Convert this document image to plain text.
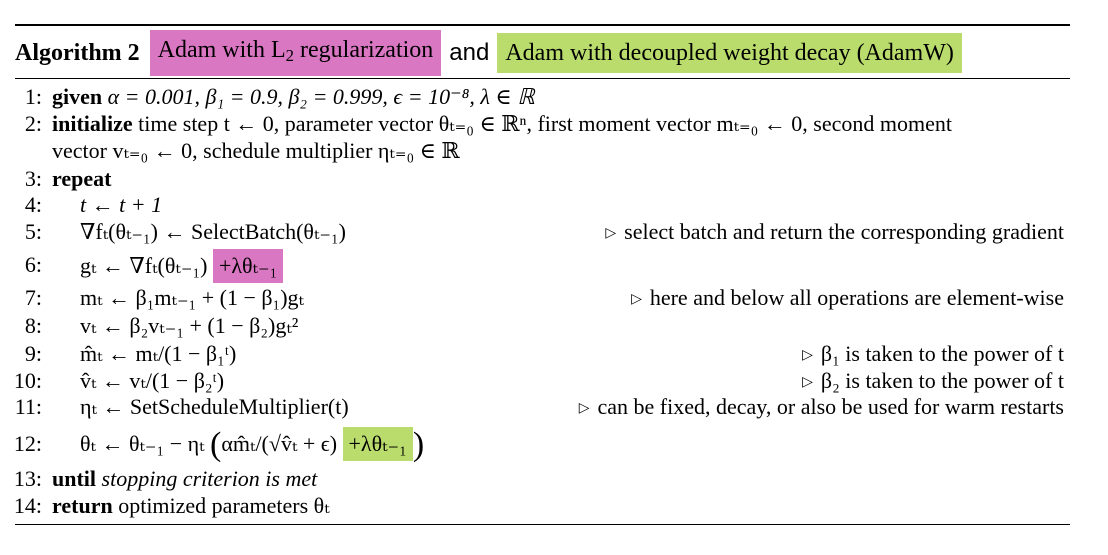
Algorithm 2 Adam with $L_2$ regularization and Adam with decoupled weight decay (AdamW)
1: given α = 0.001, β₁ = 0.9, β₂ = 0.999, ϵ = 10⁻⁸, λ ∈ ℝ
2: initialize time step t ← 0, parameter vector θₜ₌₀ ∈ ℝⁿ, first moment vector mₜ₌₀ ← 0, second moment
vector vₜ₌₀ ← 0, schedule multiplier ηₜ₌₀ ∈ ℝ
3: repeat
4: t ← t + 1
5: ∇fₜ(θₜ₋₁) ← SelectBatch(θₜ₋₁)	▷ select batch and return the corresponding gradient
6: gₜ ← ∇fₜ(θₜ₋₁) +λθₜ₋₁
7: mₜ ← β₁mₜ₋₁ + (1 − β₁)gₜ	▷ here and below all operations are element-wise
8: vₜ ← β₂vₜ₋₁ + (1 − β₂)gₜ²
9: m̂ₜ ← mₜ/(1 − β₁ᵗ)	▷ β₁ is taken to the power of t
10: v̂ₜ ← vₜ/(1 − β₂ᵗ)	▷ β₂ is taken to the power of t
11: ηₜ ← SetScheduleMultiplier(t)	▷ can be fixed, decay, or also be used for warm restarts
12: θₜ ← θₜ₋₁ − ηₜ (αm̂ₜ/(√v̂ₜ + ϵ) +λθₜ₋₁ )
13: until stopping criterion is met
14: return optimized parameters θₜ
